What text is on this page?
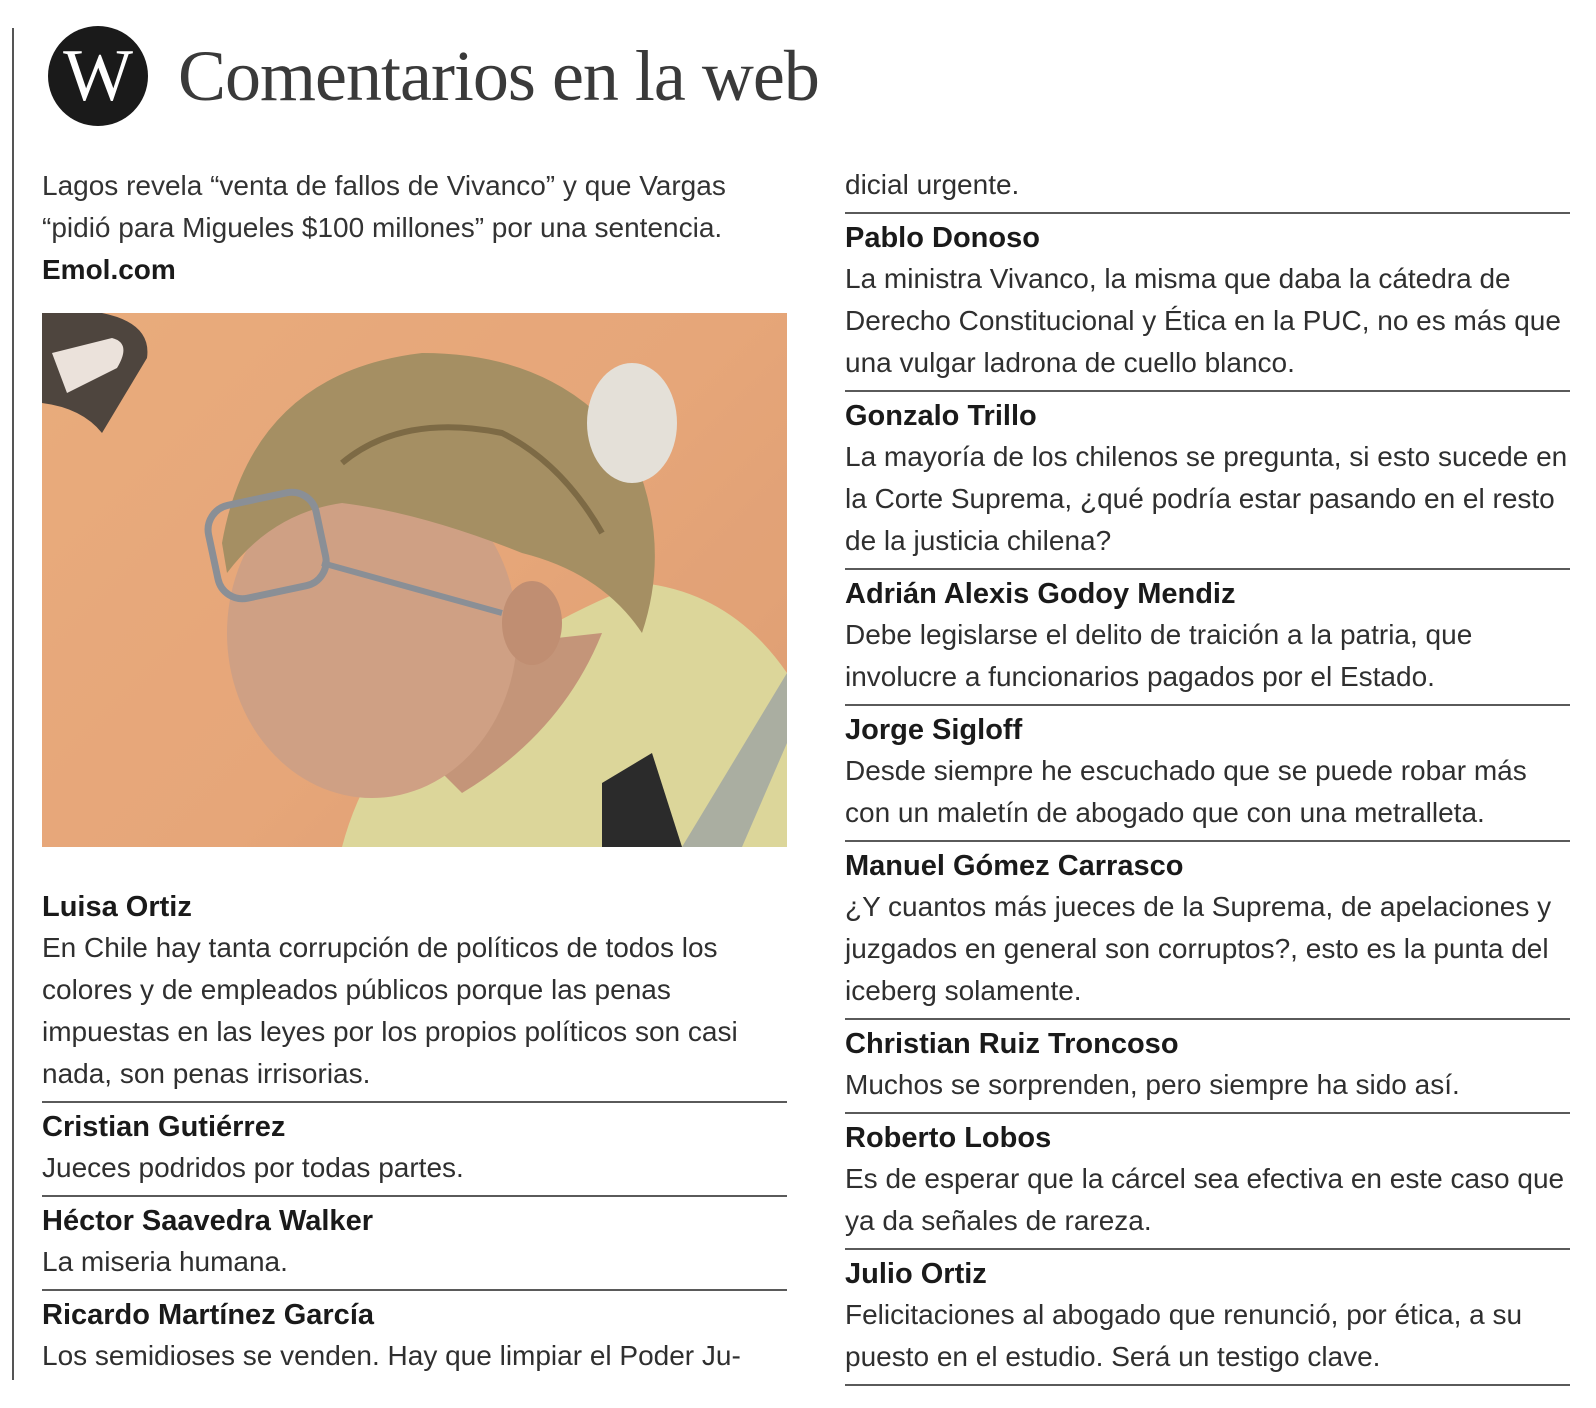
W Comentarios en la web

Lagos revela “venta de fallos de Vivanco” y que Vargas “pidió para Migueles $100 millones” por una sentencia. Emol.com

Luisa Ortiz

En Chile hay tanta corrupción de políticos de todos los colores y de empleados públicos porque las penas impuestas en las leyes por los propios políticos son casi nada, son penas irrisorias.

Cristian Gutiérrez

Jueces podridos por todas partes.

Héctor Saavedra Walker

La miseria humana.

Ricardo Martínez García

Los semidioses se venden. Hay que limpiar el Poder Ju-

dicial urgente.

Pablo Donoso

La ministra Vivanco, la misma que daba la cátedra de Derecho Constitucional y Ética en la PUC, no es más que una vulgar ladrona de cuello blanco.

Gonzalo Trillo

La mayoría de los chilenos se pregunta, si esto sucede en la Corte Suprema, ¿qué podría estar pasando en el resto de la justicia chilena?

Adrián Alexis Godoy Mendiz

Debe legislarse el delito de traición a la patria, que involucre a funcionarios pagados por el Estado.

Jorge Sigloff

Desde siempre he escuchado que se puede robar más con un maletín de abogado que con una metralleta.

Manuel Gómez Carrasco

¿Y cuantos más jueces de la Suprema, de apelaciones y juzgados en general son corruptos?, esto es la punta del iceberg solamente.

Christian Ruiz Troncoso

Muchos se sorprenden, pero siempre ha sido así.

Roberto Lobos

Es de esperar que la cárcel sea efectiva en este caso que ya da señales de rareza.

Julio Ortiz

Felicitaciones al abogado que renunció, por ética, a su puesto en el estudio. Será un testigo clave.
